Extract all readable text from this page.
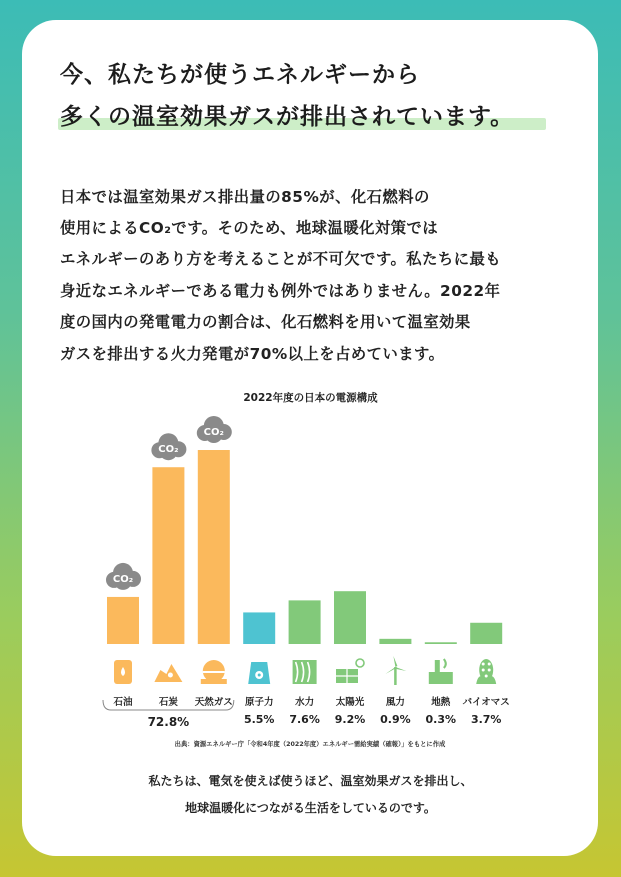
今、私たちが使うエネルギーから
多くの温室効果ガスが排出されています。
日本では温室効果ガス排出量の85%が、化石燃料の
使用によるCO₂です。そのため、地球温暖化対策では
エネルギーのあり方を考えることが不可欠です。私たちに最も
身近なエネルギーである電力も例外ではありません。2022年
度の国内の発電電力の割合は、化石燃料を用いて温室効果
ガスを排出する火力発電が70%以上を占めています。
2022年度の日本の電源構成
CO₂
石油
CO₂
石炭
CO₂
天然ガス 原子力
5.5%
水力
7.6%
太陽光
9.2%
風力
0.9%
地熱
0.3%
バイオマス
3.7%
72.8%
出典：資源エネルギー庁「令和4年度（2022年度）エネルギー需給実績（確報）」をもとに作成
私たちは、電気を使えば使うほど、温室効果ガスを排出し、
地球温暖化につながる生活をしているのです。
